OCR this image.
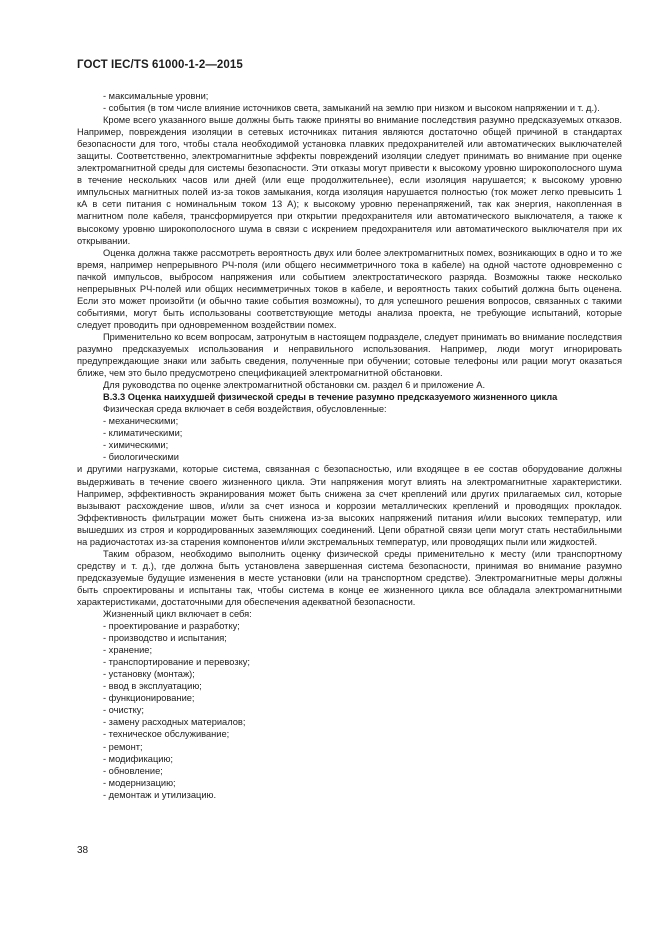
ГОСТ IEC/TS 61000-1-2—2015

- максимальные уровни;

- события (в том числе влияние источников света, замыканий на землю при низком и высоком напряжении и т. д.).

Кроме всего указанного выше должны быть также приняты во внимание последствия разумно предсказуемых отказов. Например, повреждения изоляции в сетевых источниках питания являются достаточно общей причиной в стандартах безопасности для того, чтобы стала необходимой установка плавких предохранителей или автоматических выключателей защиты. Соответственно, электромагнитные эффекты повреждений изоляции следует принимать во внимание при оценке электромагнитной среды для системы безопасности. Эти отказы могут привести к высокому уровню широкополосного шума в течение нескольких часов или дней (или еще продолжительнее), если изоляция нарушается; к высокому уровню импульсных магнитных полей из-за токов замыкания, когда изоляция нарушается полностью (ток может легко превысить 1 кА в сети питания с номинальным током 13 А); к высокому уровню перенапряжений, так как энергия, накопленная в магнитном поле кабеля, трансформируется при открытии предохранителя или автоматического выключателя, а также к высокому уровню широкополосного шума в связи с искрением предохранителя или автоматического выключателя при их открывании.

Оценка должна также рассмотреть вероятность двух или более электромагнитных помех, возникающих в одно и то же время, например непрерывного РЧ-поля (или общего несимметричного тока в кабеле) на одной частоте одновременно с пачкой импульсов, выбросом напряжения или событием электростатического разряда. Возможны также несколько непрерывных РЧ-полей или общих несимметричных токов в кабеле, и вероятность таких событий должна быть оценена. Если это может произойти (и обычно такие события возможны), то для успешного решения вопросов, связанных с такими событиями, могут быть использованы соответствующие методы анализа проекта, не требующие испытаний, которые следует проводить при одновременном воздействии помех.

Применительно ко всем вопросам, затронутым в настоящем подразделе, следует принимать во внимание последствия разумно предсказуемых использования и неправильного использования. Например, люди могут игнорировать предупреждающие знаки или забыть сведения, полученные при обучении; сотовые телефоны или рации могут оказаться ближе, чем это было предусмотрено спецификацией электромагнитной обстановки.

Для руководства по оценке электромагнитной обстановки см. раздел 6 и приложение А.

В.3.3 Оценка наихудшей физической среды в течение разумно предсказуемого жизненного цикла

Физическая среда включает в себя воздействия, обусловленные:

- механическими;

- климатическими;

- химическими;

- биологическими

и другими нагрузками, которые система, связанная с безопасностью, или входящее в ее состав оборудование должны выдерживать в течение своего жизненного цикла. Эти напряжения могут влиять на электромагнитные характеристики. Например, эффективность экранирования может быть снижена за счет креплений или других прилагаемых сил, которые вызывают расхождение швов, и/или за счет износа и коррозии металлических креплений и проводящих прокладок. Эффективность фильтрации может быть снижена из-за высоких напряжений питания и/или высоких температур, или вышедших из строя и корродированных заземляющих соединений. Цепи обратной связи цепи могут стать нестабильными на радиочастотах из-за старения компонентов и/или экстремальных температур, или проводящих пыли или жидкостей.

Таким образом, необходимо выполнить оценку физической среды применительно к месту (или транспортному средству и т. д.), где должна быть установлена завершенная система безопасности, принимая во внимание разумно предсказуемые будущие изменения в месте установки (или на транспортном средстве). Электромагнитные меры должны быть спроектированы и испытаны так, чтобы система в конце ее жизненного цикла все обладала электромагнитными характеристиками, достаточными для обеспечения адекватной безопасности.

Жизненный цикл включает в себя:

- проектирование и разработку;

- производство и испытания;

- хранение;

- транспортирование и перевозку;

- установку (монтаж);

- ввод в эксплуатацию;

- функционирование;

- очистку;

- замену расходных материалов;

- техническое обслуживание;

- ремонт;

- модификацию;

- обновление;

- модернизацию;

- демонтаж и утилизацию.

38
